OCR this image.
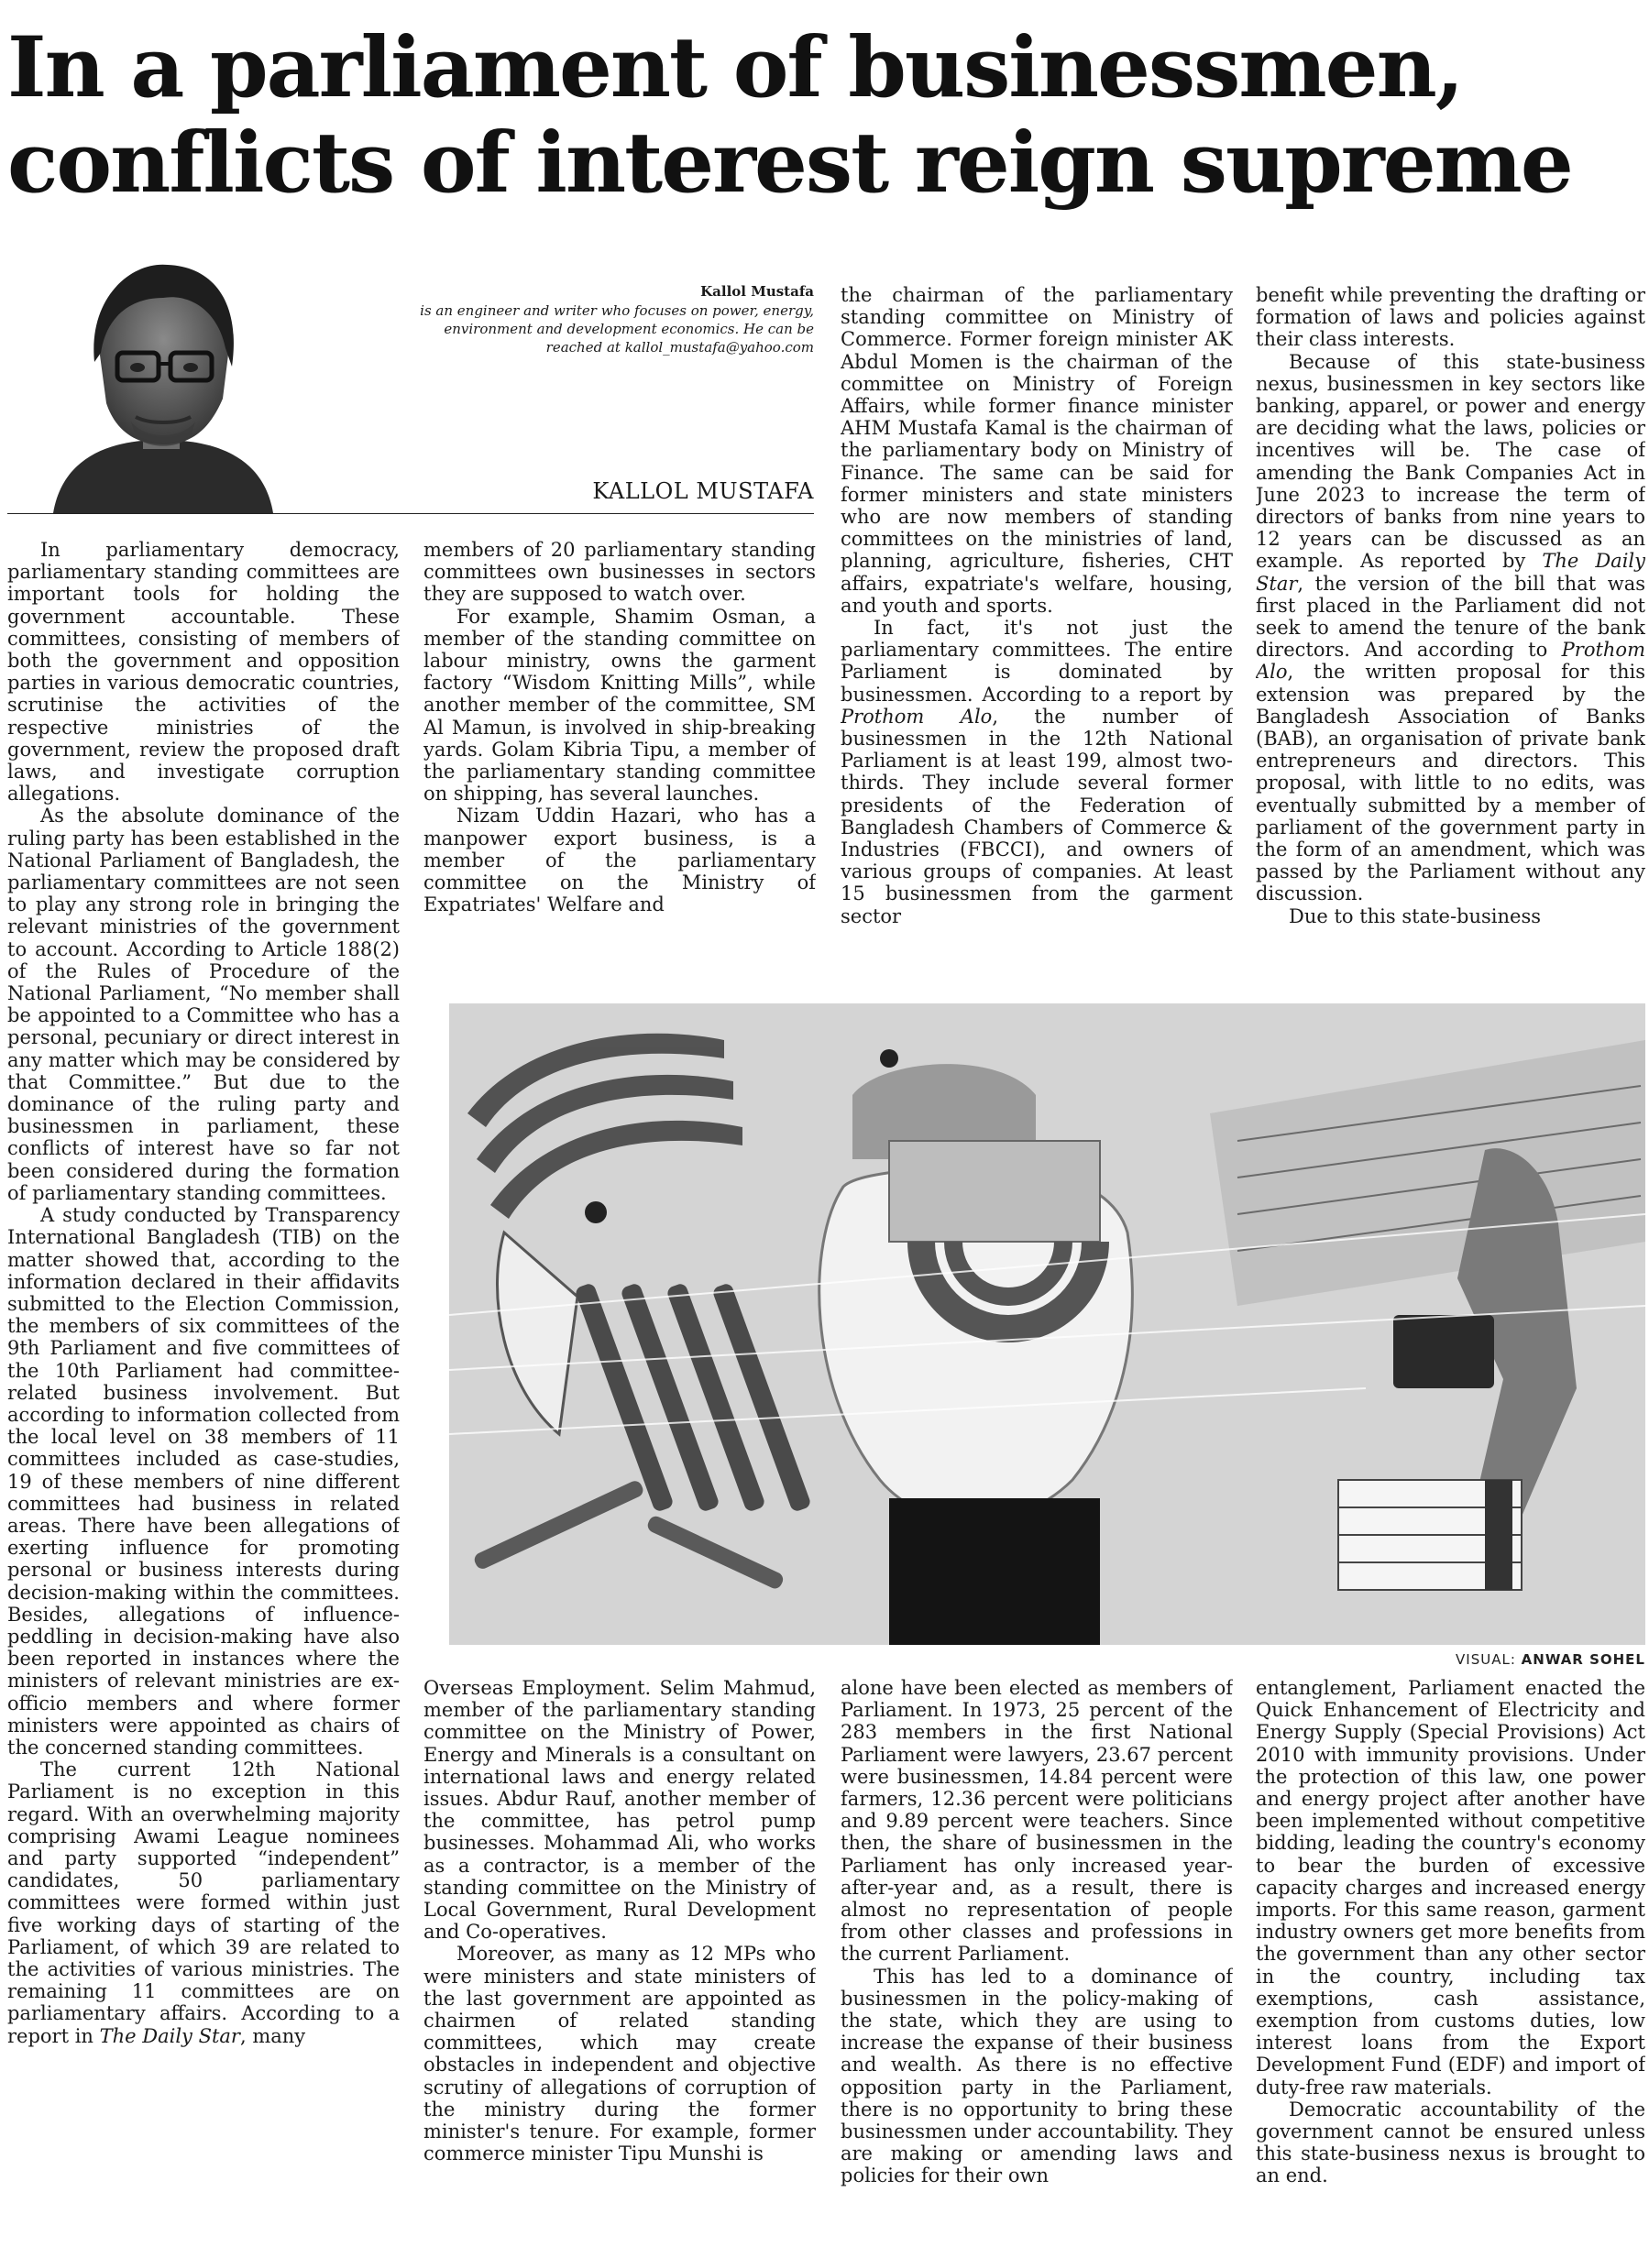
In a parliament of businessmen,
conflicts of interest reign supreme
Kallol Mustafa
is an engineer and writer who focuses on power, energy, environment and development economics. He can be reached at kallol_mustafa@yahoo.com
KALLOL MUSTAFA

In parliamentary democracy, parliamentary standing committees are important tools for holding the government accountable. These committees, consisting of members of both the government and opposition parties in various democratic countries, scrutinise the activities of the respective ministries of the government, review the proposed draft laws, and investigate corruption allegations.

As the absolute dominance of the ruling party has been established in the National Parliament of Bangladesh, the parliamentary committees are not seen to play any strong role in bringing the relevant ministries of the government to account. According to Article 188(2) of the Rules of Procedure of the National Parliament, “No member shall be appointed to a Committee who has a personal, pecuniary or direct interest in any matter which may be considered by that Committee.” But due to the dominance of the ruling party and businessmen in parliament, these conflicts of interest have so far not been considered during the formation of parliamentary standing committees.

A study conducted by Transparency International Bangladesh (TIB) on the matter showed that, according to the information declared in their affidavits submitted to the Election Commission, the members of six committees of the 9th Parliament and five committees of the 10th Parliament had committee-related business involvement. But according to information collected from the local level on 38 members of 11 committees included as case-studies, 19 of these members of nine different committees had business in related areas. There have been allegations of exerting influence for promoting personal or business interests during decision-making within the committees. Besides, allegations of influence-peddling in decision-making have also been reported in instances where the ministers of relevant ministries are ex-officio members and where former ministers were appointed as chairs of the concerned standing committees.

The current 12th National Parliament is no exception in this regard. With an overwhelming majority comprising Awami League nominees and party supported “independent” candidates, 50 parliamentary committees were formed within just five working days of starting of the Parliament, of which 39 are related to the activities of various ministries. The remaining 11 committees are on parliamentary affairs. According to a report in The Daily Star, many

members of 20 parliamentary standing committees own businesses in sectors they are supposed to watch over.

For example, Shamim Osman, a member of the standing committee on labour ministry, owns the garment factory “Wisdom Knitting Mills”, while another member of the committee, SM Al Mamun, is involved in ship-breaking yards. Golam Kibria Tipu, a member of the parliamentary standing committee on shipping, has several launches.

Nizam Uddin Hazari, who has a manpower export business, is a member of the parliamentary committee on the Ministry of Expatriates' Welfare and

the chairman of the parliamentary standing committee on Ministry of Commerce. Former foreign minister AK Abdul Momen is the chairman of the committee on Ministry of Foreign Affairs, while former finance minister AHM Mustafa Kamal is the chairman of the parliamentary body on Ministry of Finance. The same can be said for former ministers and state ministers who are now members of standing committees on the ministries of land, planning, agriculture, fisheries, CHT affairs, expatriate's welfare, housing, and youth and sports.

In fact, it's not just the parliamentary committees. The entire Parliament is dominated by businessmen. According to a report by Prothom Alo, the number of businessmen in the 12th National Parliament is at least 199, almost two-thirds. They include several former presidents of the Federation of Bangladesh Chambers of Commerce & Industries (FBCCI), and owners of various groups of companies. At least 15 businessmen from the garment sector

benefit while preventing the drafting or formation of laws and policies against their class interests.

Because of this state-business nexus, businessmen in key sectors like banking, apparel, or power and energy are deciding what the laws, policies or incentives will be. The case of amending the Bank Companies Act in June 2023 to increase the term of directors of banks from nine years to 12 years can be discussed as an example. As reported by The Daily Star, the version of the bill that was first placed in the Parliament did not seek to amend the tenure of the bank directors. And according to Prothom Alo, the written proposal for this extension was prepared by the Bangladesh Association of Banks (BAB), an organisation of private bank entrepreneurs and directors. This proposal, with little to no edits, was eventually submitted by a member of parliament of the government party in the form of an amendment, which was passed by the Parliament without any discussion.

Due to this state-business

VISUAL: ANWAR SOHEL

Overseas Employment. Selim Mahmud, member of the parliamentary standing committee on the Ministry of Power, Energy and Minerals is a consultant on international laws and energy related issues. Abdur Rauf, another member of the committee, has petrol pump businesses. Mohammad Ali, who works as a contractor, is a member of the standing committee on the Ministry of Local Government, Rural Development and Co-operatives.

Moreover, as many as 12 MPs who were ministers and state ministers of the last government are appointed as chairmen of related standing committees, which may create obstacles in independent and objective scrutiny of allegations of corruption of the ministry during the former minister's tenure. For example, former commerce minister Tipu Munshi is

alone have been elected as members of Parliament. In 1973, 25 percent of the 283 members in the first National Parliament were lawyers, 23.67 percent were businessmen, 14.84 percent were farmers, 12.36 percent were politicians and 9.89 percent were teachers. Since then, the share of businessmen in the Parliament has only increased year-after-year and, as a result, there is almost no representation of people from other classes and professions in the current Parliament.

This has led to a dominance of businessmen in the policy-making of the state, which they are using to increase the expanse of their business and wealth. As there is no effective opposition party in the Parliament, there is no opportunity to bring these businessmen under accountability. They are making or amending laws and policies for their own

entanglement, Parliament enacted the Quick Enhancement of Electricity and Energy Supply (Special Provisions) Act 2010 with immunity provisions. Under the protection of this law, one power and energy project after another have been implemented without competitive bidding, leading the country's economy to bear the burden of excessive capacity charges and increased energy imports. For this same reason, garment industry owners get more benefits from the government than any other sector in the country, including tax exemptions, cash assistance, exemption from customs duties, low interest loans from the Export Development Fund (EDF) and import of duty-free raw materials.

Democratic accountability of the government cannot be ensured unless this state-business nexus is brought to an end.
